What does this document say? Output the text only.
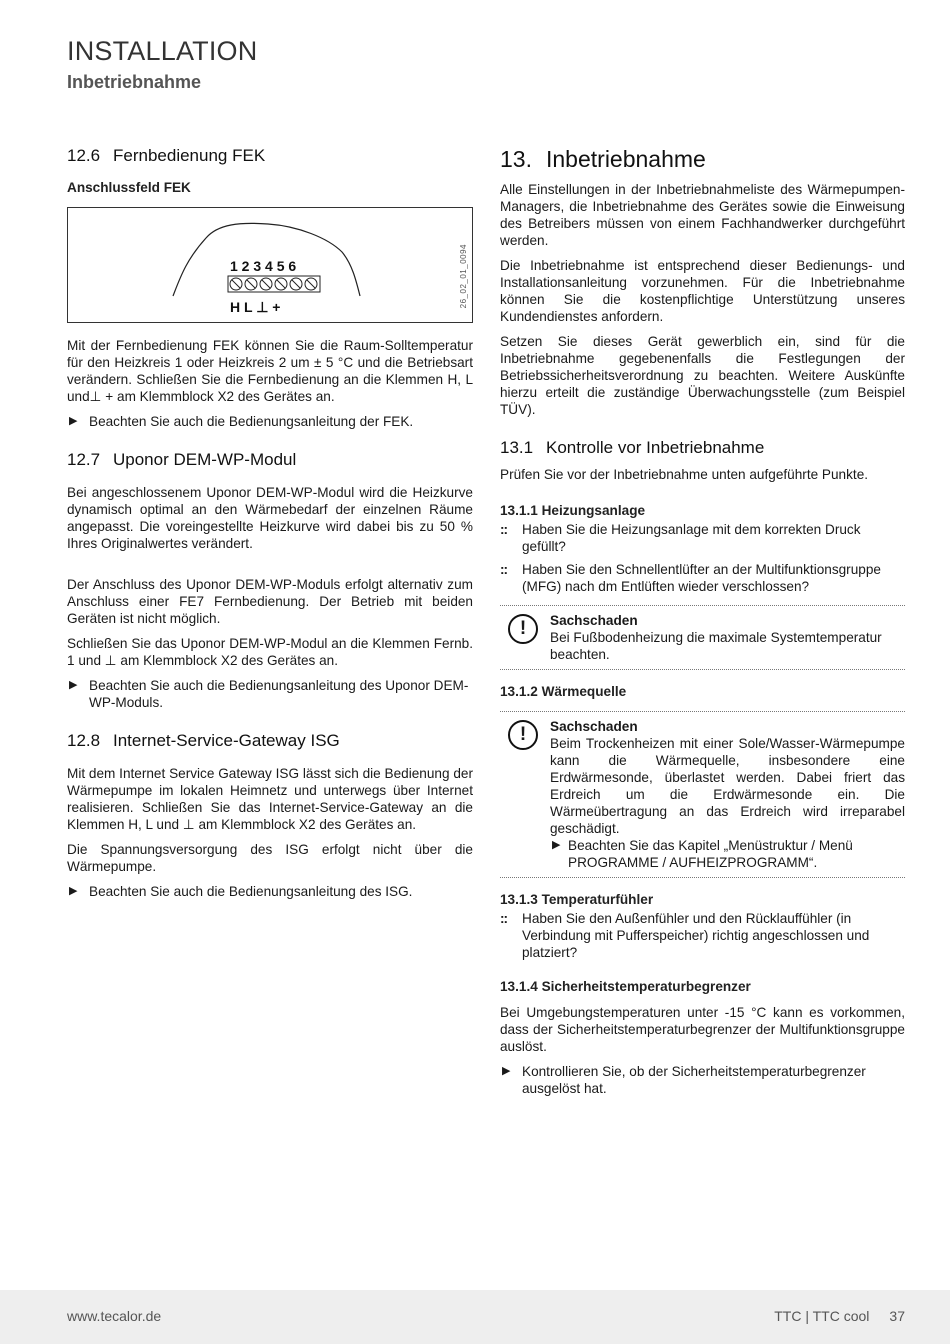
INSTALLATION
Inbetriebnahme
12.6 Fernbedienung FEK
Anschlussfeld FEK
1 2 3 4 5 6
H L ⊥ +	26_02_01_0094

Mit der Fernbedienung FEK können Sie die Raum-Solltemperatur für den Heizkreis 1 oder Heizkreis 2 um ± 5 °C und die Betriebsart verändern. Schließen Sie die Fernbedienung an die Klemmen H, L und⊥ + am Klemmblock X2 des Gerätes an.

▶ Beachten Sie auch die Bedienungsanleitung der FEK.
12.7 Uponor DEM-WP-Modul

Bei angeschlossenem Uponor DEM-WP-Modul wird die Heizkurve dynamisch optimal an den Wärmebedarf der einzelnen Räume angepasst. Die voreingestellte Heizkurve wird dabei bis zu 50 % Ihres Originalwertes verändert.

Der Anschluss des Uponor DEM-WP-Moduls erfolgt alternativ zum Anschluss einer FE7 Fernbedienung. Der Betrieb mit beiden Geräten ist nicht möglich.

Schließen Sie das Uponor DEM-WP-Modul an die Klemmen Fernb. 1 und ⊥ am Klemmblock X2 des Gerätes an.

▶ Beachten Sie auch die Bedienungsanleitung des Uponor DEM-WP-Moduls.
12.8 Internet-Service-Gateway ISG

Mit dem Internet Service Gateway ISG lässt sich die Bedienung der Wärmepumpe im lokalen Heimnetz und unterwegs über Internet realisieren. Schließen Sie das Internet-Service-Gateway an die Klemmen H, L und ⊥ am Klemmblock X2 des Gerätes an.

Die Spannungsversorgung des ISG erfolgt nicht über die Wärmepumpe.

▶ Beachten Sie auch die Bedienungsanleitung des ISG.
13. Inbetriebnahme

Alle Einstellungen in der Inbetriebnahmeliste des Wärmepumpen-Managers, die Inbetriebnahme des Gerätes sowie die Einweisung des Betreibers müssen von einem Fachhandwerker durchgeführt werden.

Die Inbetriebnahme ist entsprechend dieser Bedienungs- und Installationsanleitung vorzunehmen. Für die Inbetriebnahme können Sie die kostenpflichtige Unterstützung unseres Kundendienstes anfordern.

Setzen Sie dieses Gerät gewerblich ein, sind für die Inbetriebnahme gegebenenfalls die Festlegungen der Betriebssicherheitsverordnung zu beachten. Weitere Auskünfte hierzu erteilt die zuständige Überwachungsstelle (zum Beispiel TÜV).

13.1 Kontrolle vor Inbetriebnahme

Prüfen Sie vor der Inbetriebnahme unten aufgeführte Punkte.

13.1.1 Heizungsanlage
:: Haben Sie die Heizungsanlage mit dem korrekten Druck gefüllt?
:: Haben Sie den Schnellentlüfter an der Multifunktionsgruppe (MFG) nach dm Entlüften wieder verschlossen?
!	Sachschaden
Bei Fußbodenheizung die maximale Systemtemperatur beachten.
13.1.2 Wärmequelle
!	Sachschaden
Beim Trockenheizen mit einer Sole/Wasser-Wärmepumpe kann die Wärmequelle, insbesondere eine Erdwärmesonde, überlastet werden. Dabei friert das Erdreich um die Erdwärmesonde ein. Die Wärmeübertragung an das Erdreich wird irreparabel geschädigt.
▶ Beachten Sie das Kapitel „Menüstruktur / Menü PROGRAMME / AUFHEIZPROGRAMM“.
13.1.3 Temperaturfühler
:: Haben Sie den Außenfühler und den Rücklauffühler (in Verbindung mit Pufferspeicher) richtig angeschlossen und platziert?
13.1.4 Sicherheitstemperaturbegrenzer

Bei Umgebungstemperaturen unter -15 °C kann es vorkommen, dass der Sicherheitstemperaturbegrenzer der Multifunktionsgruppe auslöst.

▶ Kontrollieren Sie, ob der Sicherheitstemperaturbegrenzer ausgelöst hat.
www.tecalor.de	TTC | TTC cool 37
